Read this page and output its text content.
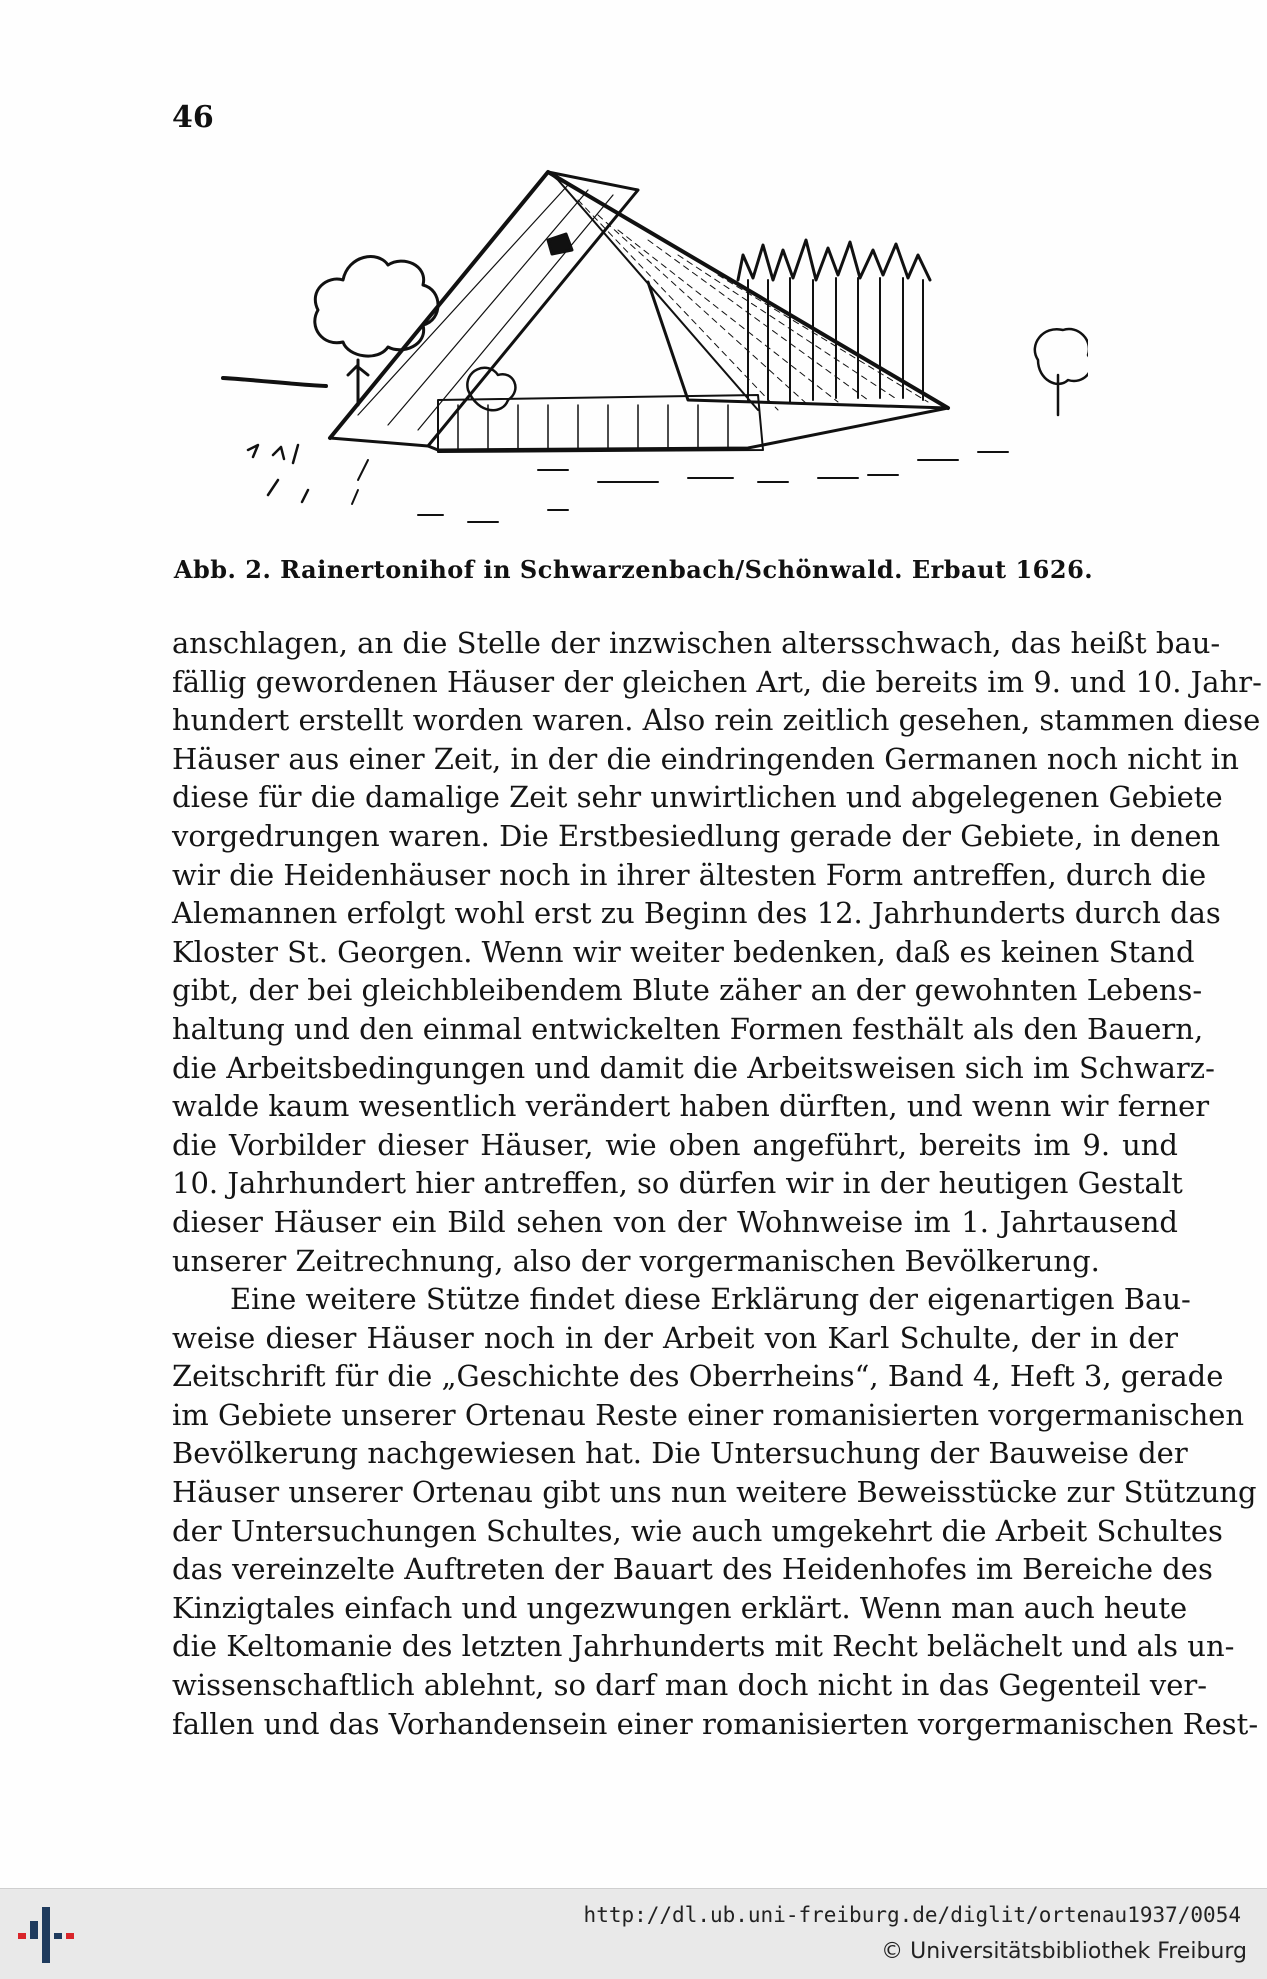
46
Abb. 2. Rainertonihof in Schwarzenbach/Schönwald. Erbaut 1626.
anschlagen, an die Stelle der inzwischen altersschwach, das heißt bau-
fällig gewordenen Häuser der gleichen Art, die bereits im 9. und 10. Jahr-
hundert erstellt worden waren. Also rein zeitlich gesehen, stammen diese
Häuser aus einer Zeit, in der die eindringenden Germanen noch nicht in
diese für die damalige Zeit sehr unwirtlichen und abgelegenen Gebiete
vorgedrungen waren. Die Erstbesiedlung gerade der Gebiete, in denen
wir die Heidenhäuser noch in ihrer ältesten Form antreffen, durch die
Alemannen erfolgt wohl erst zu Beginn des 12. Jahrhunderts durch das
Kloster St. Georgen. Wenn wir weiter bedenken, daß es keinen Stand
gibt, der bei gleichbleibendem Blute zäher an der gewohnten Lebens-
haltung und den einmal entwickelten Formen festhält als den Bauern,
die Arbeitsbedingungen und damit die Arbeitsweisen sich im Schwarz-
walde kaum wesentlich verändert haben dürften, und wenn wir ferner
die Vorbilder dieser Häuser, wie oben angeführt, bereits im 9. und
10. Jahrhundert hier antreffen, so dürfen wir in der heutigen Gestalt
dieser Häuser ein Bild sehen von der Wohnweise im 1. Jahrtausend
unserer Zeitrechnung, also der vorgermanischen Bevölkerung.
Eine weitere Stütze findet diese Erklärung der eigenartigen Bau-
weise dieser Häuser noch in der Arbeit von Karl Schulte, der in der
Zeitschrift für die „Geschichte des Oberrheins“, Band 4, Heft 3, gerade
im Gebiete unserer Ortenau Reste einer romanisierten vorgermanischen
Bevölkerung nachgewiesen hat. Die Untersuchung der Bauweise der
Häuser unserer Ortenau gibt uns nun weitere Beweisstücke zur Stützung
der Untersuchungen Schultes, wie auch umgekehrt die Arbeit Schultes
das vereinzelte Auftreten der Bauart des Heidenhofes im Bereiche des
Kinzigtales einfach und ungezwungen erklärt. Wenn man auch heute
die Keltomanie des letzten Jahrhunderts mit Recht belächelt und als un-
wissenschaftlich ablehnt, so darf man doch nicht in das Gegenteil ver-
fallen und das Vorhandensein einer romanisierten vorgermanischen Rest-
http://dl.ub.uni-freiburg.de/diglit/ortenau1937/0054
© Universitätsbibliothek Freiburg
